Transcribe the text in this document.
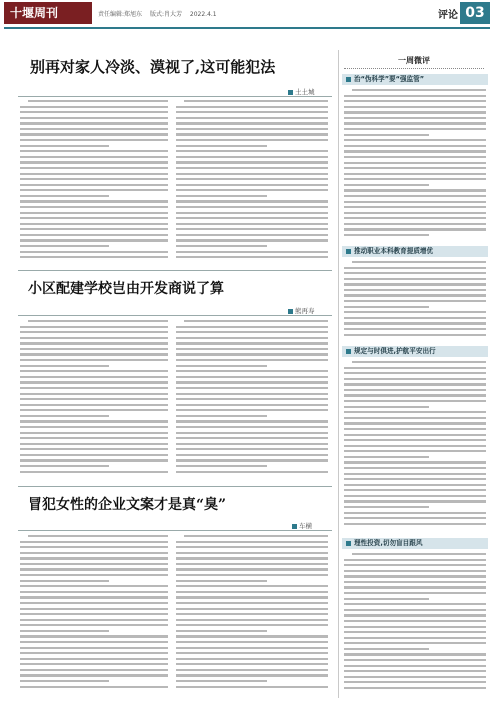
十堰周刊	责任编辑:郑旭东 版式:肖大芳 2022.4.1	评论 03
别再对家人冷淡、漠视了,这可能犯法
土土城
小区配建学校岂由开发商说了算
熊再寿
冒犯女性的企业文案才是真“臭”
车横
一周微评
治“伪科学”要“强监管”
推动职业本科教育提质增优
规定与时俱进,护航平安出行
理性投资,切勿盲目跟风
